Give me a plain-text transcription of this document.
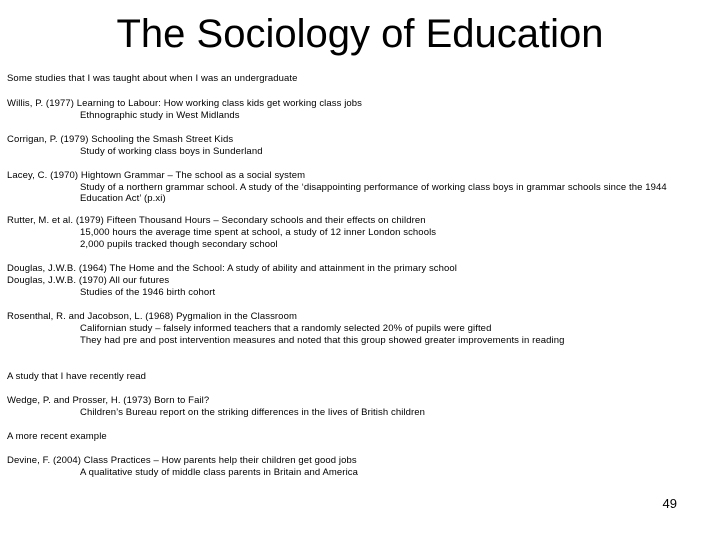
The Sociology of Education
Some studies that I was taught about when I was an undergraduate
Willis, P. (1977) Learning to Labour: How working class kids get working class jobs
Ethnographic study in West Midlands
Corrigan, P. (1979) Schooling the Smash Street Kids
Study of working class boys in Sunderland
Lacey, C. (1970) Hightown Grammar – The school as a social system
Study of a northern grammar school. A study of the ‘disappointing performance of working class boys in grammar schools since the 1944 Education Act’ (p.xi)
Rutter, M. et al. (1979) Fifteen Thousand Hours – Secondary schools and their effects on children
15,000 hours the average time spent at school, a study of 12 inner London schools
2,000 pupils tracked though secondary school
Douglas, J.W.B. (1964) The Home and the School: A study of ability and attainment in the primary school
Douglas, J.W.B. (1970) All our futures
Studies of the 1946 birth cohort
Rosenthal, R. and Jacobson, L. (1968) Pygmalion in the Classroom
Californian study – falsely informed teachers that a randomly selected 20% of pupils were gifted
They had pre and post intervention measures and noted that this group showed greater improvements in reading
A study that I have recently read
Wedge, P. and Prosser, H. (1973) Born to Fail?
Children’s Bureau report on the striking differences in the lives of British children
A more recent example
Devine, F. (2004) Class Practices – How parents help their children get good jobs
A qualitative study of middle class parents in Britain and America
49
